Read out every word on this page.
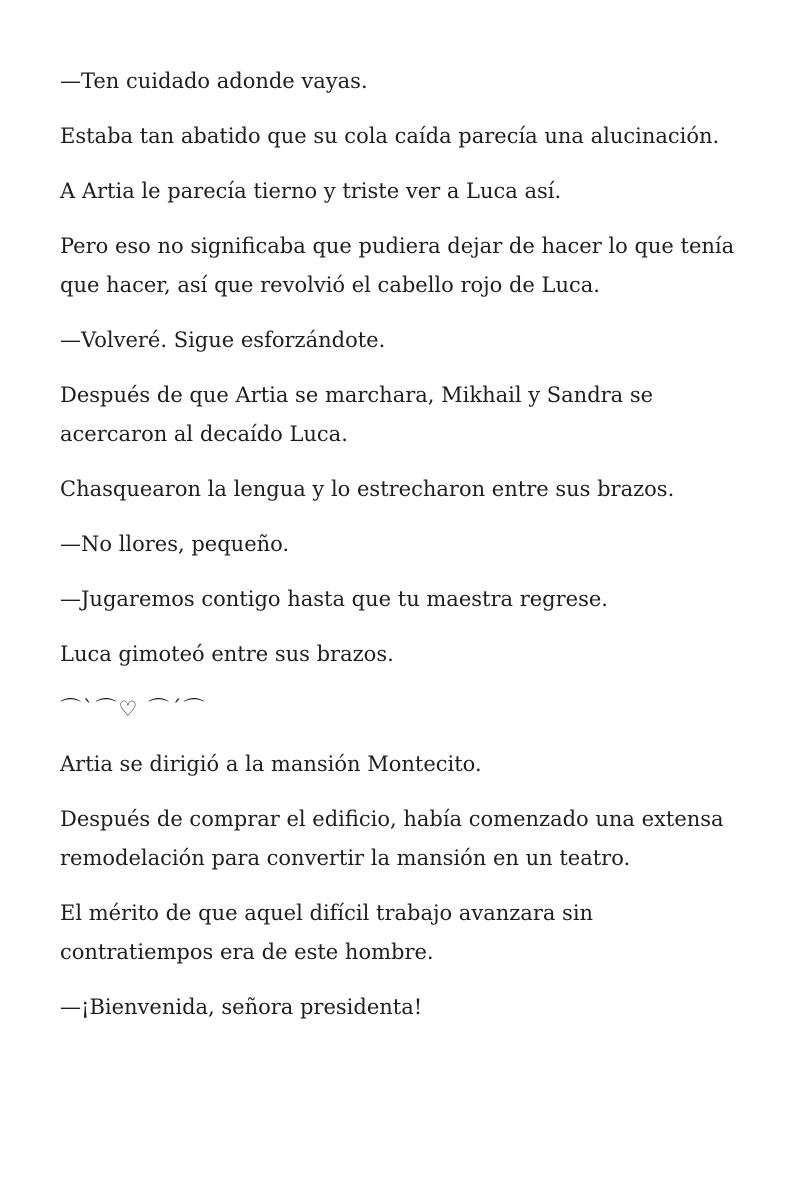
—Ten cuidado adonde vayas.

Estaba tan abatido que su cola caída parecía una alucinación.

A Artia le parecía tierno y triste ver a Luca así.

Pero eso no significaba que pudiera dejar de hacer lo que tenía que hacer, así que revolvió el cabello rojo de Luca.

—Volveré. Sigue esforzándote.

Después de que Artia se marchara, Mikhail y Sandra se acercaron al decaído Luca.

Chasquearon la lengua y lo estrecharon entre sus brazos.

—No llores, pequeño.

—Jugaremos contigo hasta que tu maestra regrese.

Luca gimoteó entre sus brazos.

⌒`⌒♡ ⌒´⌒

Artia se dirigió a la mansión Montecito.

Después de comprar el edificio, había comenzado una extensa remodelación para convertir la mansión en un teatro.

El mérito de que aquel difícil trabajo avanzara sin contratiempos era de este hombre.

—¡Bienvenida, señora presidenta!
